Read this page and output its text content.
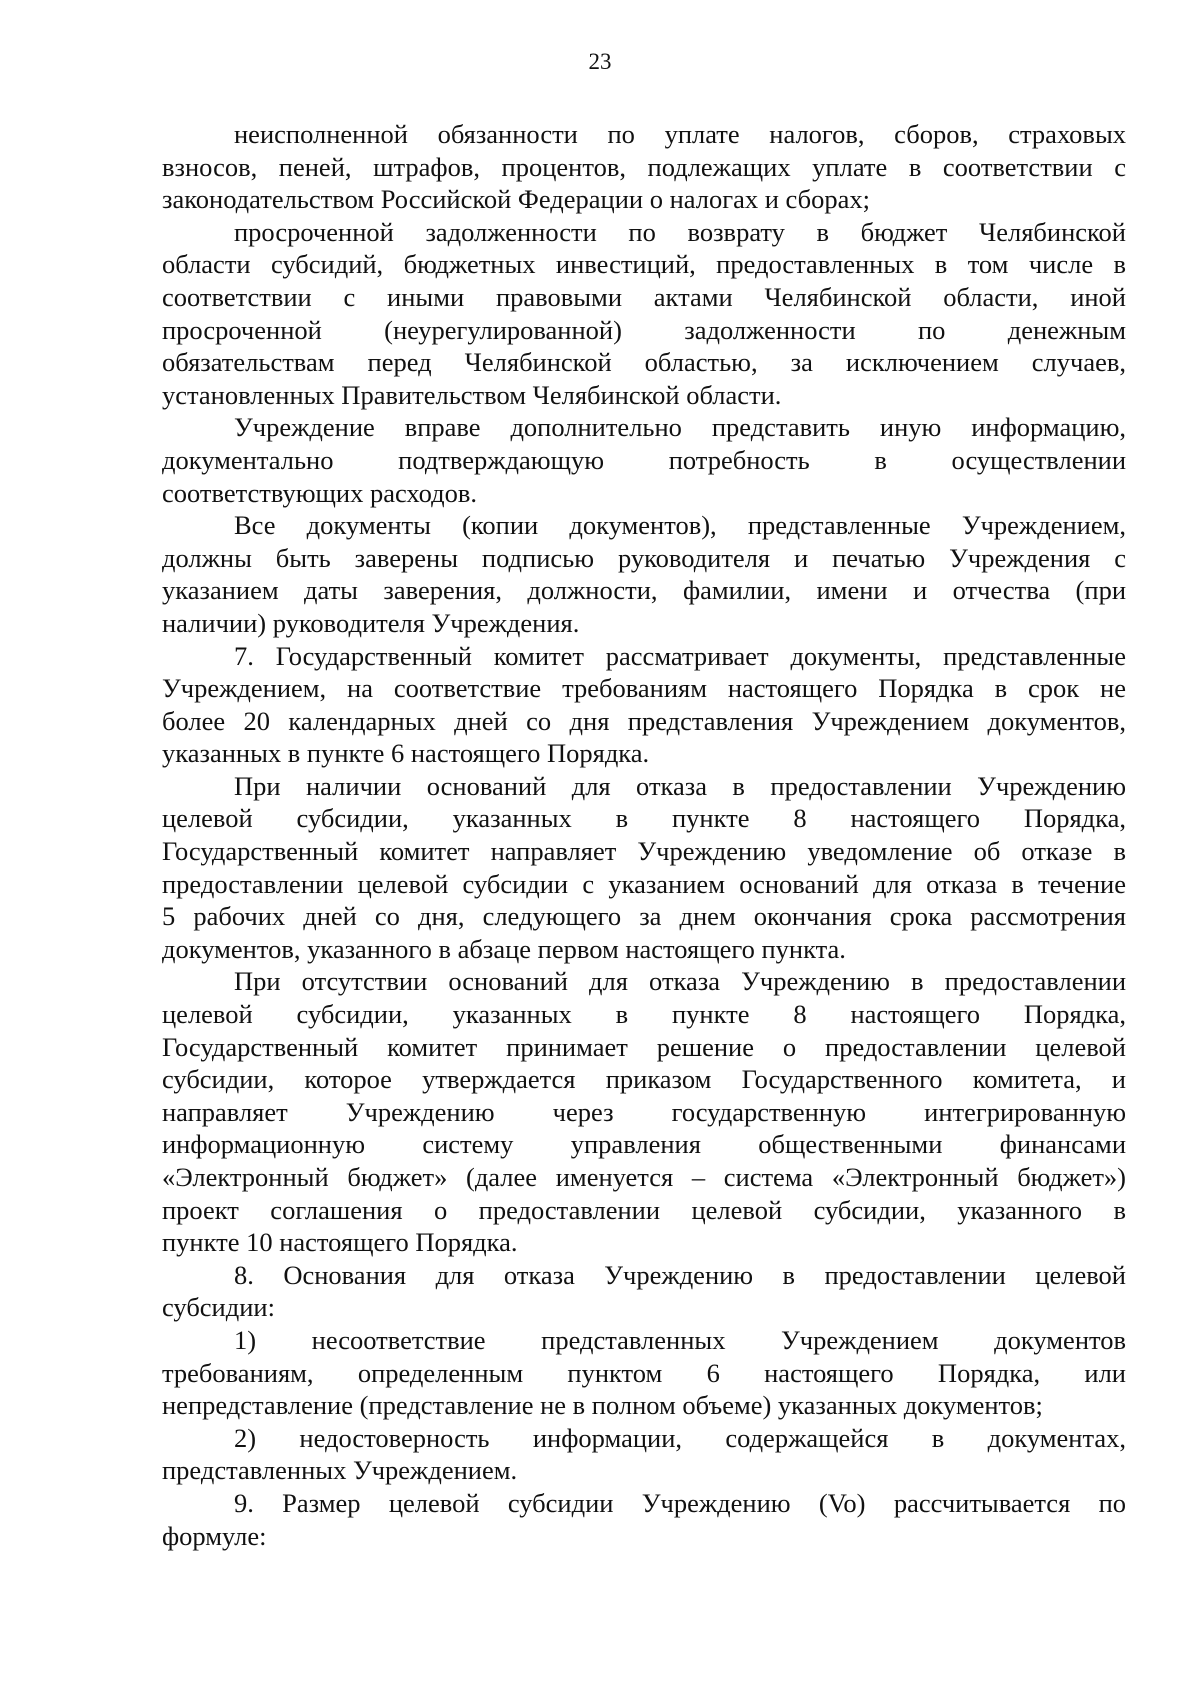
23
неисполненной обязанности по уплате налогов, сборов, страховых
взносов, пеней, штрафов, процентов, подлежащих уплате в соответствии с
законодательством Российской Федерации о налогах и сборах;
просроченной задолженности по возврату в бюджет Челябинской
области субсидий, бюджетных инвестиций, предоставленных в том числе в
соответствии с иными правовыми актами Челябинской области, иной
просроченной (неурегулированной) задолженности по денежным
обязательствам перед Челябинской областью, за исключением случаев,
установленных Правительством Челябинской области.
Учреждение вправе дополнительно представить иную информацию,
документально подтверждающую потребность в осуществлении
соответствующих расходов.
Все документы (копии документов), представленные Учреждением,
должны быть заверены подписью руководителя и печатью Учреждения с
указанием даты заверения, должности, фамилии, имени и отчества (при
наличии) руководителя Учреждения.
7. Государственный комитет рассматривает документы, представленные
Учреждением, на соответствие требованиям настоящего Порядка в срок не
более 20 календарных дней со дня представления Учреждением документов,
указанных в пункте 6 настоящего Порядка.
При наличии оснований для отказа в предоставлении Учреждению
целевой субсидии, указанных в пункте 8 настоящего Порядка,
Государственный комитет направляет Учреждению уведомление об отказе в
предоставлении целевой субсидии с указанием оснований для отказа в течение
5 рабочих дней со дня, следующего за днем окончания срока рассмотрения
документов, указанного в абзаце первом настоящего пункта.
При отсутствии оснований для отказа Учреждению в предоставлении
целевой субсидии, указанных в пункте 8 настоящего Порядка,
Государственный комитет принимает решение о предоставлении целевой
субсидии, которое утверждается приказом Государственного комитета, и
направляет Учреждению через государственную интегрированную
информационную систему управления общественными финансами
«Электронный бюджет» (далее именуется – система «Электронный бюджет»)
проект соглашения о предоставлении целевой субсидии, указанного в
пункте 10 настоящего Порядка.
8. Основания для отказа Учреждению в предоставлении целевой
субсидии:
1) несоответствие представленных Учреждением документов
требованиям, определенным пунктом 6 настоящего Порядка, или
непредставление (представление не в полном объеме) указанных документов;
2) недостоверность информации, содержащейся в документах,
представленных Учреждением.
9. Размер целевой субсидии Учреждению (Vo) рассчитывается по
формуле:
